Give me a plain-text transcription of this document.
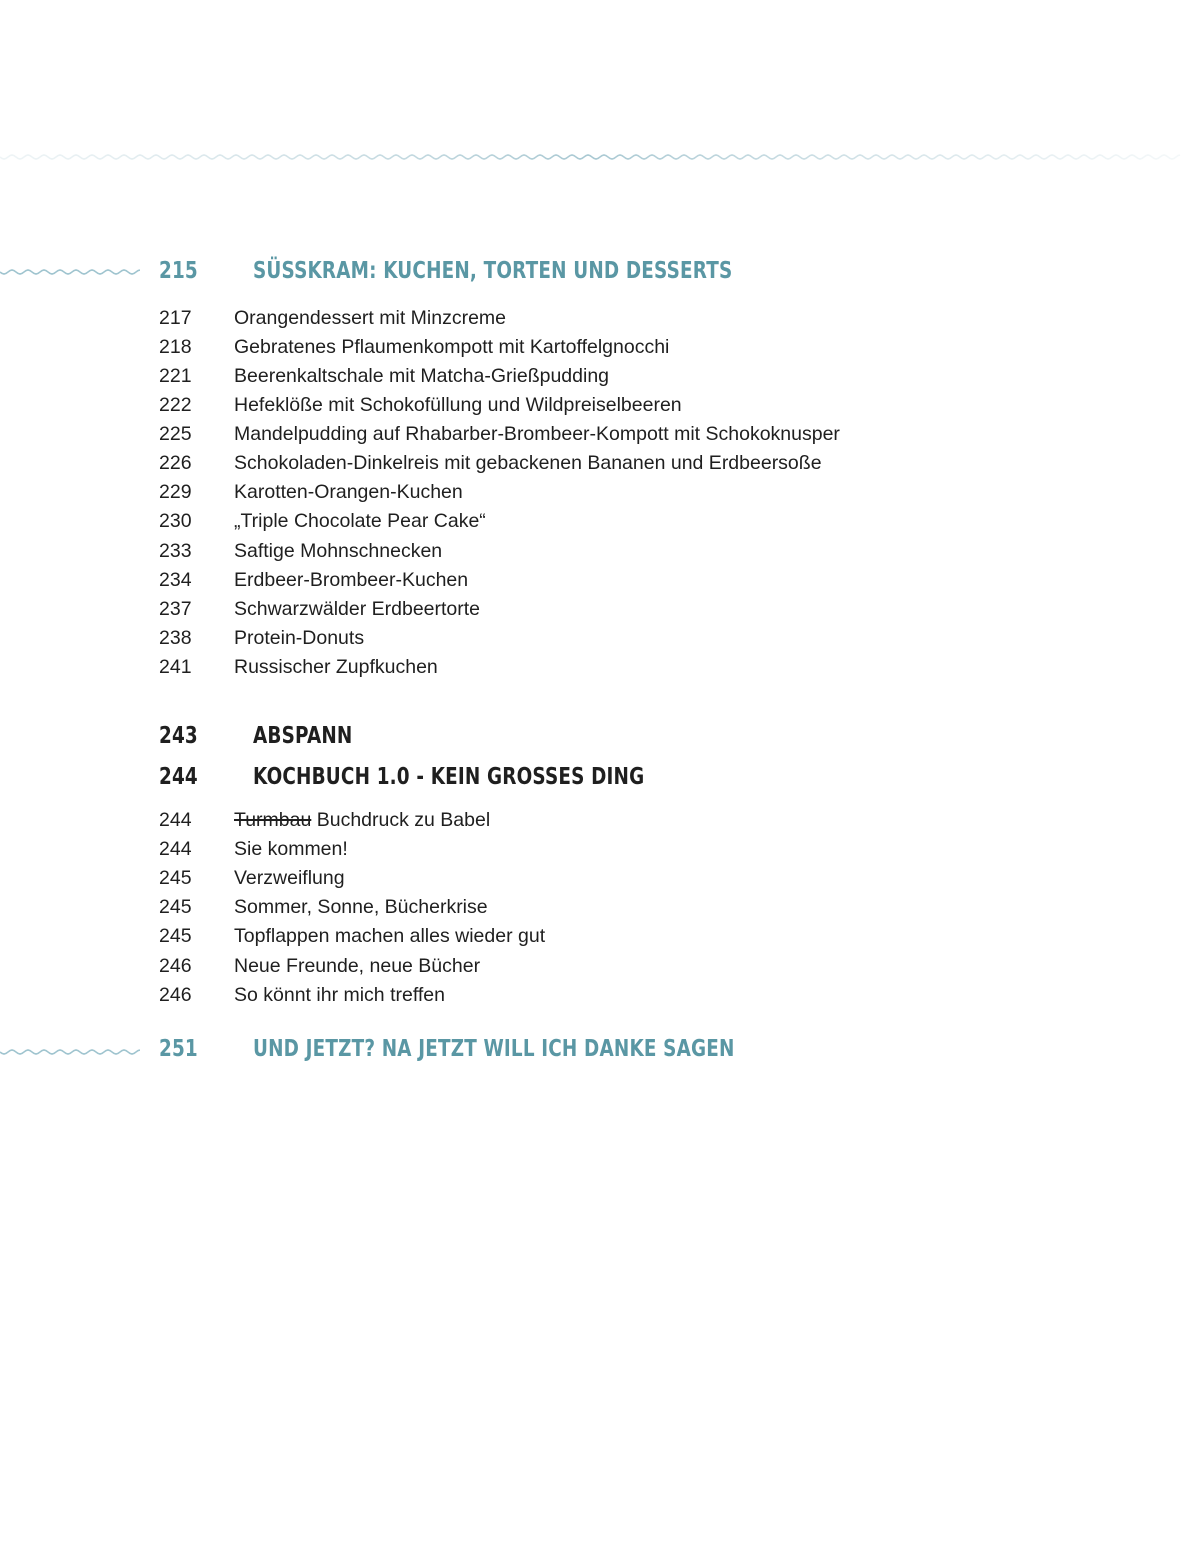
215	SÜSSKRAM: KUCHEN, TORTEN UND DESSERTS
217	Orangendessert mit Minzcreme
218	Gebratenes Pflaumenkompott mit Kartoffelgnocchi
221	Beerenkaltschale mit Matcha-Grießpudding
222	Hefeklöße mit Schokofüllung und Wildpreiselbeeren
225	Mandelpudding auf Rhabarber-Brombeer-Kompott mit Schokoknusper
226	Schokoladen-Dinkelreis mit gebackenen Bananen und Erdbeersoße
229	Karotten-Orangen-Kuchen
230	„Triple Chocolate Pear Cake“
233	Saftige Mohnschnecken
234	Erdbeer-Brombeer-Kuchen
237	Schwarzwälder Erdbeertorte
238	Protein-Donuts
241	Russischer Zupfkuchen
243	ABSPANN
244	KOCHBUCH 1.0 - KEIN GROSSES DING
244	Turmbau Buchdruck zu Babel
244	Sie kommen!
245	Verzweiflung
245	Sommer, Sonne, Bücherkrise
245	Topflappen machen alles wieder gut
246	Neue Freunde, neue Bücher
246	So könnt ihr mich treffen
251	UND JETZT? NA JETZT WILL ICH DANKE SAGEN
